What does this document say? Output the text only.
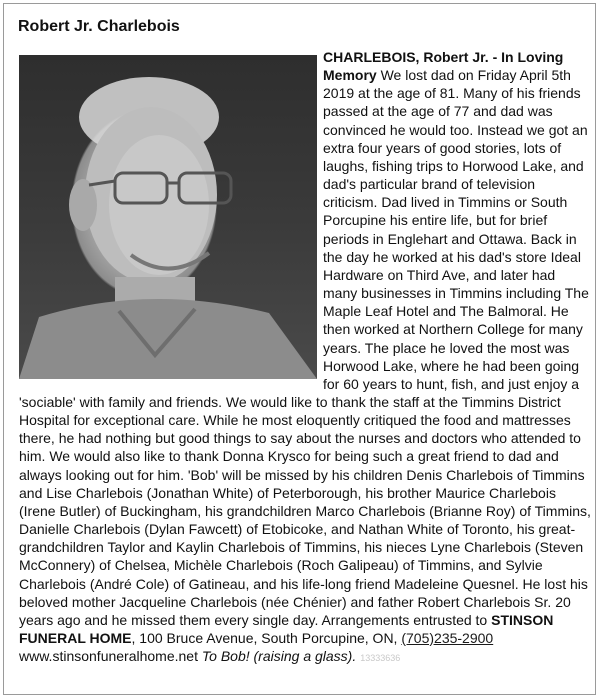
Robert Jr. Charlebois
CHARLEBOIS, Robert Jr. - In Loving Memory We lost dad on Friday April 5th 2019 at the age of 81. Many of his friends passed at the age of 77 and dad was convinced he would too. Instead we got an extra four years of good stories, lots of laughs, fishing trips to Horwood Lake, and dad's particular brand of television criticism. Dad lived in Timmins or South Porcupine his entire life, but for brief periods in Englehart and Ottawa. Back in the day he worked at his dad's store Ideal Hardware on Third Ave, and later had many businesses in Timmins including The Maple Leaf Hotel and The Balmoral. He then worked at Northern College for many years. The place he loved the most was Horwood Lake, where he had been going for 60 years to hunt, fish, and just enjoy a 'sociable' with family and friends. We would like to thank the staff at the Timmins District Hospital for exceptional care. While he most eloquently critiqued the food and mattresses there, he had nothing but good things to say about the nurses and doctors who attended to him. We would also like to thank Donna Krysco for being such a great friend to dad and always looking out for him. 'Bob' will be missed by his children Denis Charlebois of Timmins and Lise Charlebois (Jonathan White) of Peterborough, his brother Maurice Charlebois (Irene Butler) of Buckingham, his grandchildren Marco Charlebois (Brianne Roy) of Timmins, Danielle Charlebois (Dylan Fawcett) of Etobicoke, and Nathan White of Toronto, his great-grandchildren Taylor and Kaylin Charlebois of Timmins, his nieces Lyne Charlebois (Steven McConnery) of Chelsea, Michèle Charlebois (Roch Galipeau) of Timmins, and Sylvie Charlebois (André Cole) of Gatineau, and his life-long friend Madeleine Quesnel. He lost his beloved mother Jacqueline Charlebois (née Chénier) and father Robert Charlebois Sr. 20 years ago and he missed them every single day. Arrangements entrusted to STINSON FUNERAL HOME, 100 Bruce Avenue, South Porcupine, ON, (705)235-2900 www.stinsonfuneralhome.net To Bob! (raising a glass). 13333636
